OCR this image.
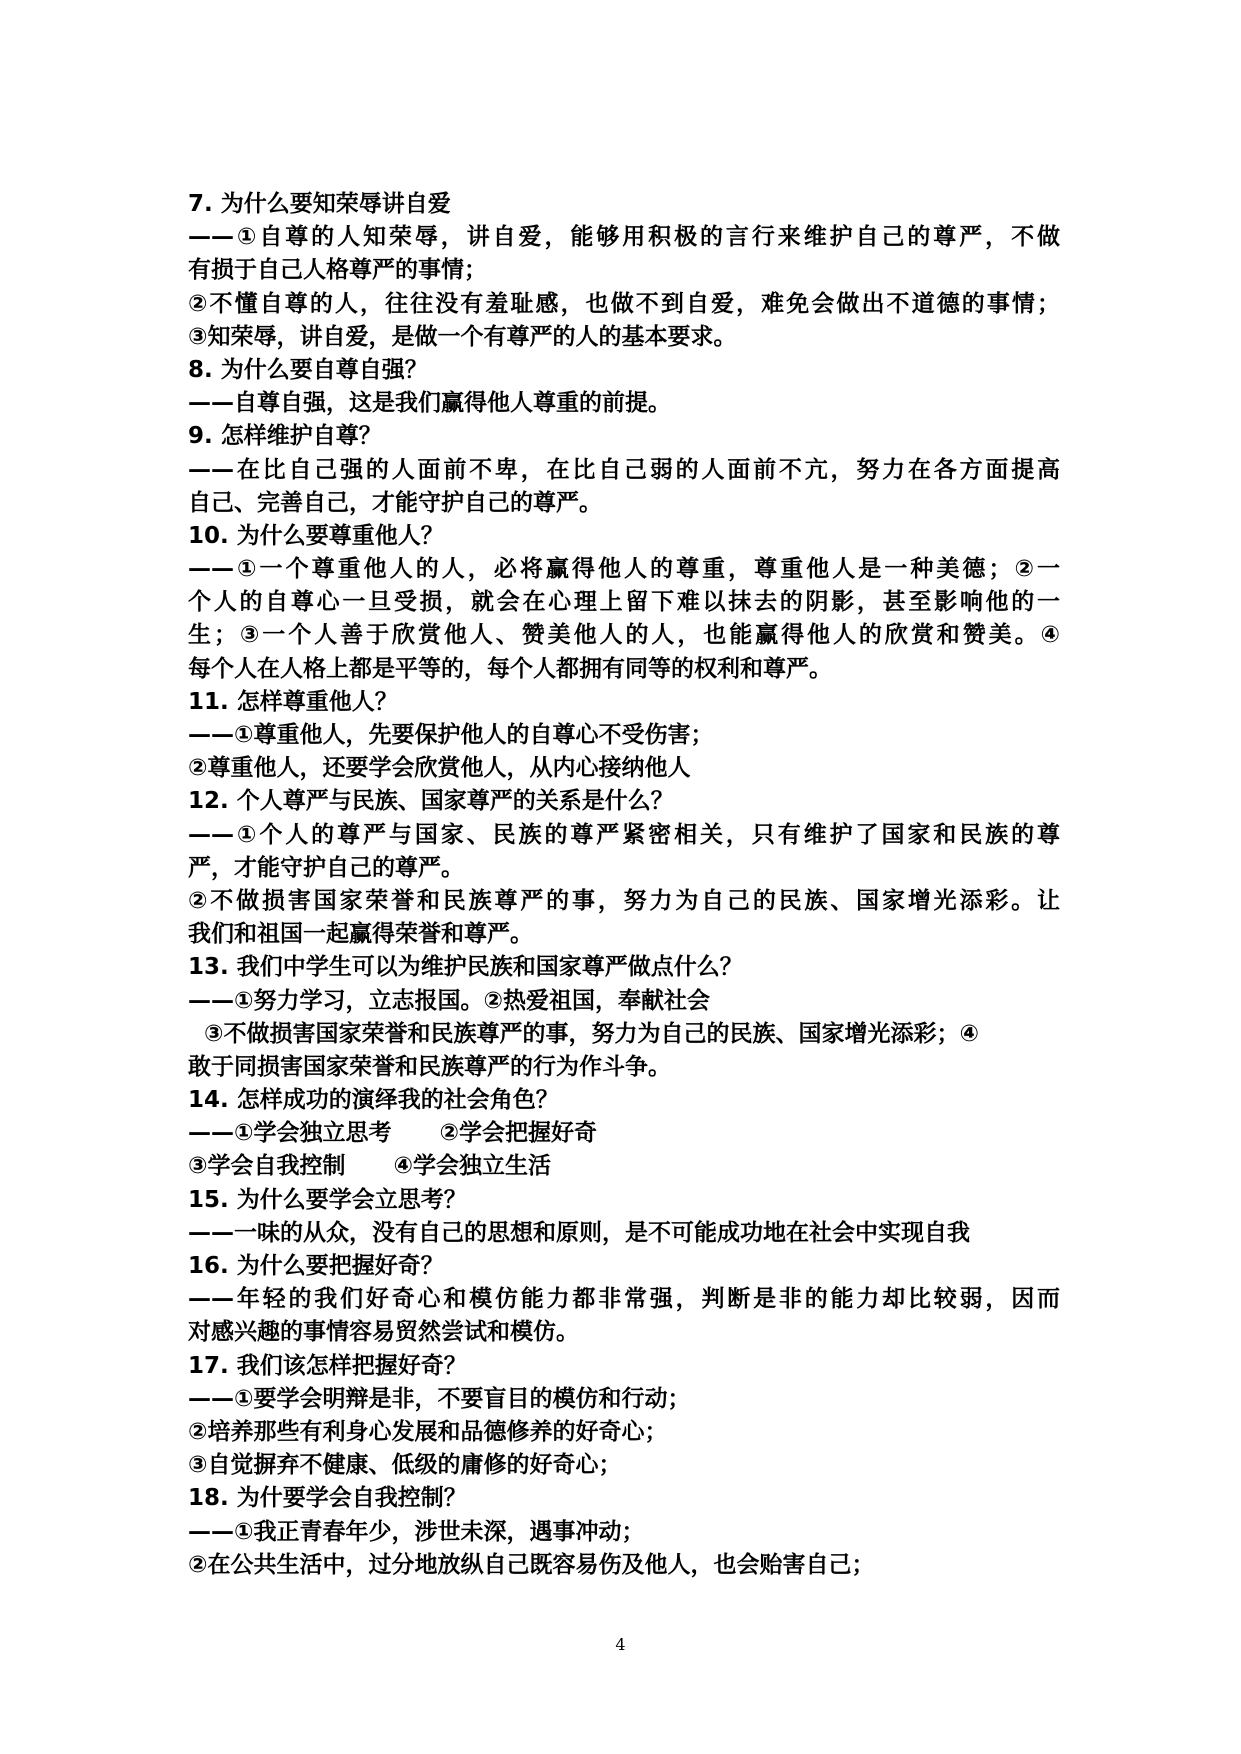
7. 为什么要知荣辱讲自爱
——①自尊的人知荣辱，讲自爱，能够用积极的言行来维护自己的尊严，不做
有损于自己人格尊严的事情；
②不懂自尊的人，往往没有羞耻感，也做不到自爱，难免会做出不道德的事情；
③知荣辱，讲自爱，是做一个有尊严的人的基本要求。
8. 为什么要自尊自强？
——自尊自强，这是我们赢得他人尊重的前提。
9. 怎样维护自尊？
——在比自己强的人面前不卑，在比自己弱的人面前不亢，努力在各方面提高
自己、完善自己，才能守护自己的尊严。
10. 为什么要尊重他人？
——①一个尊重他人的人，必将赢得他人的尊重，尊重他人是一种美德；②一
个人的自尊心一旦受损，就会在心理上留下难以抹去的阴影，甚至影响他的一
生；③一个人善于欣赏他人、赞美他人的人，也能赢得他人的欣赏和赞美。④
每个人在人格上都是平等的，每个人都拥有同等的权利和尊严。
11. 怎样尊重他人？
——①尊重他人，先要保护他人的自尊心不受伤害；
②尊重他人，还要学会欣赏他人，从内心接纳他人
12. 个人尊严与民族、国家尊严的关系是什么？
——①个人的尊严与国家、民族的尊严紧密相关，只有维护了国家和民族的尊
严，才能守护自己的尊严。
②不做损害国家荣誉和民族尊严的事，努力为自己的民族、国家增光添彩。让
我们和祖国一起赢得荣誉和尊严。
13. 我们中学生可以为维护民族和国家尊严做点什么？
——①努力学习，立志报国。②热爱祖国，奉献社会
③不做损害国家荣誉和民族尊严的事，努力为自己的民族、国家增光添彩；④
敢于同损害国家荣誉和民族尊严的行为作斗争。
14. 怎样成功的演绎我的社会角色？
——①学会独立思考      ②学会把握好奇
③学会自我控制      ④学会独立生活
15. 为什么要学会立思考？
——一味的从众，没有自己的思想和原则，是不可能成功地在社会中实现自我
16. 为什么要把握好奇？
——年轻的我们好奇心和模仿能力都非常强，判断是非的能力却比较弱，因而
对感兴趣的事情容易贸然尝试和模仿。
17. 我们该怎样把握好奇？
——①要学会明辩是非，不要盲目的模仿和行动；
②培养那些有利身心发展和品德修养的好奇心；
③自觉摒弃不健康、低级的庸修的好奇心；
18. 为什要学会自我控制？
——①我正青春年少，涉世未深，遇事冲动；
②在公共生活中，过分地放纵自己既容易伤及他人，也会贻害自己；
4
